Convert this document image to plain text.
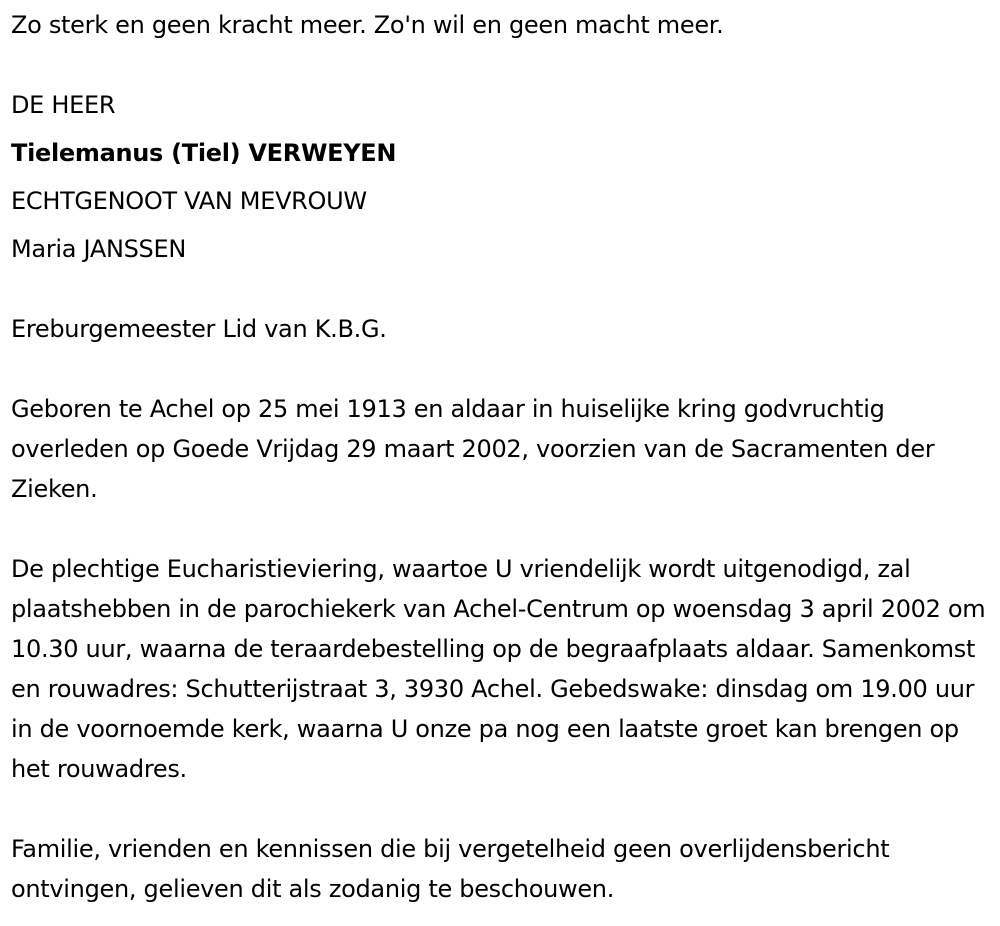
Zo sterk en geen kracht meer. Zo'n wil en geen macht meer.
DE HEER
Tielemanus (Tiel) VERWEYEN
ECHTGENOOT VAN MEVROUW
Maria JANSSEN
Ereburgemeester Lid van K.B.G.
Geboren te Achel op 25 mei 1913 en aldaar in huiselijke kring godvruchtig overleden op Goede Vrijdag 29 maart 2002, voorzien van de Sacramenten der Zieken.
De plechtige Eucharistieviering, waartoe U vriendelijk wordt uitgenodigd, zal plaatshebben in de parochiekerk van Achel-Centrum op woensdag 3 april 2002 om 10.30 uur, waarna de teraardebestelling op de begraafplaats aldaar. Samenkomst en rouwadres: Schutterijstraat 3, 3930 Achel. Gebedswake: dinsdag om 19.00 uur in de voornoemde kerk, waarna U onze pa nog een laatste groet kan brengen op het rouwadres.
Familie, vrienden en kennissen die bij vergetelheid geen overlijdensbericht ontvingen, gelieven dit als zodanig te beschouwen.
